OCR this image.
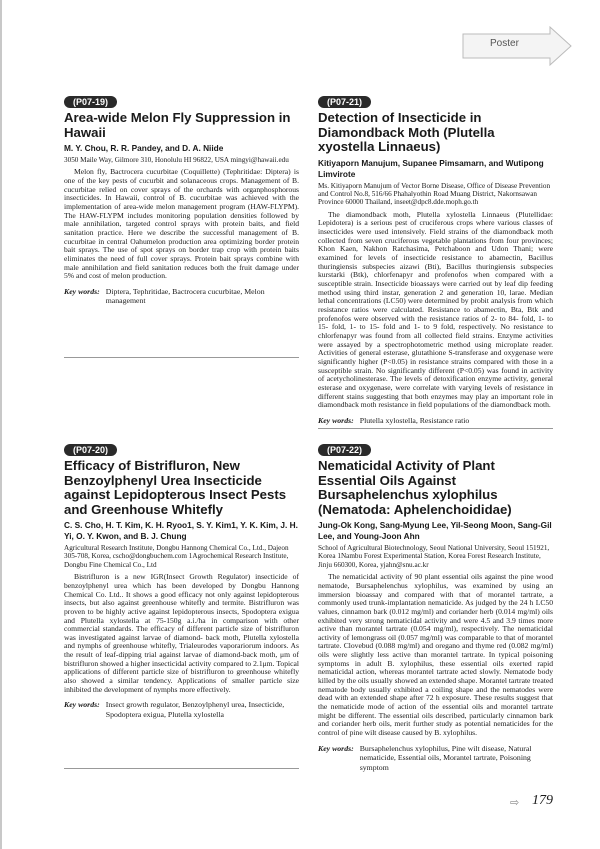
Poster
(P07-19)
Area-wide Melon Fly Suppression in Hawaii
M. Y. Chou, R. R. Pandey, and D. A. Niide
3050 Maile Way, Gilmore 310, Honolulu HI 96822, USA mingyi@hawaii.edu

Melon fly, Bactrocera cucurbitae (Coquillette) (Tephritidae: Diptera) is one of the key pests of cucurbit and solanaceous crops. Management of B. cucurbitae relied on cover sprays of the orchards with organphosphorous insecticides. In Hawaii, control of B. cucurbitae was achieved with the implementation of area-wide melon management program (HAW-FLYPM). The HAW-FLYPM includes monitoring population densities followed by male annihilation, targeted control sprays with protein baits, and field sanitation practice. Here we describe the successful management of B. cucurbitae in central Oahumelon production area optimizing border protein bait sprays. The use of spot sprays on border trap crop with protein baits eliminates the need of full cover sprays. Protein bait sprays combine with male annihilation and field sanitation reduces both the fruit damage under 5% and cost of melon production.

Key words: Diptera, Tephritidae, Bactrocera cucurbitae, Melon management
(P07-21)
Detection of Insecticide in Diamondback Moth (Plutella xyostella Linnaeus)
Kitiyaporn Manujum, Supanee Pimsamarn, and Wutipong Limvirote
Ms. Kitiyaporn Manujum of Vector Borne Disease, Office of Disease Prevention and Control No.8, 516/66 Phahalyothin Road Muang District, Nakornsawan Province 60000 Thailand, inseet@dpc8.dde.moph.go.th

The diamondback moth, Plutella xylostella Linnaeus (Plutellidae: Lepidotera) is a serious pest of cruciferous crops where various classes of insecticides were used intensively. Field strains of the diamondback moth collected from seven cruciferous vegetable plantations from four provinces; Khon Kaen, Nakhon Ratchasima, Petchaboon and Udon Thani; were examined for levels of insecticide resistance to abamectin, Bacillus thuringiensis subspecies aizawi (Bti), Bacillus thuringiensis subspecies kurstarki (Btk), chlorfenapyr and profenofos when compared with a susceptible strain. Insecticide bioassays were carried out by leaf dip feeding method using third instar, generation 2 and generation 10, larae. Median lethal concentrations (LC50) were determined by probit analysis from which resistance ratios were calculated. Resistance to abamectin, Bta, Btk and profenofos were observed with the resistance ratios of 2- to 84- fold, 1- to 15- fold, 1- to 15- fold and 1- to 9 fold, respectively. No resistance to chlorfenapyr was found from all collected field strains. Enzyme activities were assayed by a spectrophotometric method using microplate reader. Activities of general esterase, glutathione S-transferase and oxygenase were significantly higher (P<0.05) in resistance strains compared with those in a susceptible strain. No significantly different (P<0.05) was found in activity of acetycholinesterase. The levels of detoxification enzyme activity, general esterase and oxygenase, were correlate with varying levels of resistance in different stains suggesting that both enzymes may play an important role in diamondback moth resistance in field populations of the diamondback moth.

Key words: Plutella xylostella, Resistance ratio
(P07-20)
Efficacy of Bistrifluron, New Benzoylphenyl Urea Insecticide against Lepidopterous Insect Pests and Greenhouse Whitefly
C. S. Cho, H. T. Kim, K. H. Ryoo1, S. Y. Kim1, Y. K. Kim, J. H. Yi, O. Y. Kwon, and B. J. Chung
Agricultural Research Institute, Dongbu Hannong Chemical Co., Ltd., Dajeon 305-708, Korea, cscho@dongbuchem.com 1Agrochemical Research Institute, Dongbu Fine Chemical Co., Ltd

Bistrifluron is a new IGR(Insect Growth Regulator) insecticide of benzoylphenyl urea which has been developed by Dongbu Hannong Chemical Co. Ltd.. It shows a good efficacy not only against lepidopterous insects, but also against greenhouse whitefly and termite. Bistrifluron was proven to be highly active against lepidopterous insects, Spodoptera exigua and Plutella xylostella at 75-150g a.i./ha in comparison with other commercial standards. The efficacy of different particle size of bistrifluron was investigated against larvae of diamond- back moth, Plutella xylostella and nymphs of greenhouse whitefly, Trialeurodes vaporariorum indoors. As the result of leaf-dipping trial against larvae of diamond-back moth, μm of bistrifluron showed a higher insecticidal activity compared to 2.1μm. Topical applications of different particle size of bistrifluron to greenhouse whitefly also showed a similar tendency. Applications of smaller particle size inhibited the development of nymphs more effectively.

Key words: Insect growth regulator, Benzoylphenyl urea, Insecticide, Spodoptera exigua, Plutella xylostella
(P07-22)
Nematicidal Activity of Plant Essential Oils Against Bursaphelenchus xylophilus (Nematoda: Aphelenchoididae)
Jung-Ok Kong, Sang-Myung Lee, Yil-Seong Moon, Sang-Gil Lee, and Young-Joon Ahn
School of Agricultural Biotechnology, Seoul National University, Seoul 151921, Korea 1Nambu Forest Experimental Station, Korea Forest Research Institute, Jinju 660300, Korea, yjahn@snu.ac.kr

The nematicidal activity of 90 plant essential oils against the pine wood nematode, Bursaphelenchus xylophilus, was examined by using an immersion bioassay and compared with that of morantel tartrate, a commonly used trunk-implantation nematicide. As judged by the 24 h LC50 values, cinnamon bark (0.012 mg/ml) and coriander herb (0.014 mg/ml) oils exhibited very strong nematicidal activity and were 4.5 and 3.9 times more active than morantel tartrate (0.054 mg/ml), respectively. The nematicidal activity of lemongrass oil (0.057 mg/ml) was comparable to that of morantel tartrate. Clovebud (0.088 mg/ml) and oregano and thyme red (0.082 mg/ml) oils were slightly less active than morantel tartrate. In typical poisoning symptoms in adult B. xylophilus, these essential oils exerted rapid nematicidal action, whereas morantel tartrate acted slowly. Nematode body killed by the oils usually showed an extended shape. Morantel tartrate treated nematode body usually exhibited a coiling shape and the nematodes were dead with an extended shape after 72 h exposure. These results suggest that the nematicide mode of action of the essential oils and morantel tartrate might be different. The essential oils described, particularly cinnamon bark and coriander herb oils, merit further study as potential nematicides for the control of pine wilt disease caused by B. xylophilus.

Key words: Bursaphelenchus xylophilus, Pine wilt disease, Natural nematicide, Essential oils, Morantel tartrate, Poisoning symptom
⇨ 179
